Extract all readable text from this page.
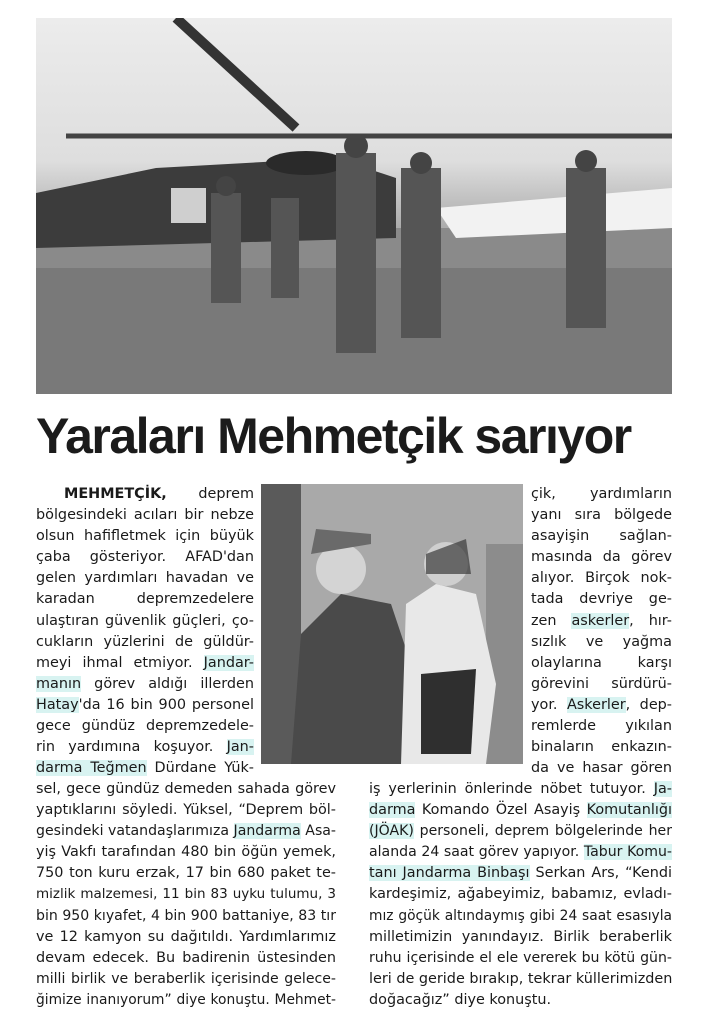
Yaraları Mehmetçik sarıyor
MEHMETÇİK, deprem
bölgesindeki acıları bir nebze
olsun hafifletmek için büyük
çaba gösteriyor. AFAD'dan
gelen yardımları havadan ve
karadan depremzedelere
ulaştıran güvenlik güçleri, ço-
cukların yüzlerini de güldür-
meyi ihmal etmiyor. Jandar-
manın görev aldığı illerden
Hatay'da 16 bin 900 personel
gece gündüz depremzedele-
rin yardımına koşuyor. Jan-
darma Teğmen Dürdane Yük-
çik, yardımların
yanı sıra bölgede
asayişin sağlan-
masında da görev
alıyor. Birçok nok-
tada devriye ge-
zen askerler, hır-
sızlık ve yağma
olaylarına karşı
görevini sürdürü-
yor. Askerler, dep-
remlerde yıkılan
binaların enkazın-
da ve hasar gören
sel, gece gündüz demeden sahada görev
yaptıklarını söyledi. Yüksel, “Deprem böl-
gesindeki vatandaşlarımıza Jandarma Asa-
yiş Vakfı tarafından 480 bin öğün yemek,
750 ton kuru erzak, 17 bin 680 paket te-
mizlik malzemesi, 11 bin 83 uyku tulumu, 3
bin 950 kıyafet, 4 bin 900 battaniye, 83 tır
ve 12 kamyon su dağıtıldı. Yardımlarımız
devam edecek. Bu badirenin üstesinden
milli birlik ve beraberlik içerisinde gelece-
ğimize inanıyorum” diye konuştu. Mehmet-
iş yerlerinin önlerinde nöbet tutuyor. Ja-
darma Komando Özel Asayiş Komutanlığı
(JÖAK) personeli, deprem bölgelerinde her
alanda 24 saat görev yapıyor. Tabur Komu-
tanı Jandarma Binbaşı Serkan Ars, “Kendi
kardeşimiz, ağabeyimiz, babamız, evladı-
mız göçük altındaymış gibi 24 saat esasıyla
milletimizin yanındayız. Birlik beraberlik
ruhu içerisinde el ele vererek bu kötü gün-
leri de geride bırakıp, tekrar küllerimizden
doğacağız” diye konuştu.
